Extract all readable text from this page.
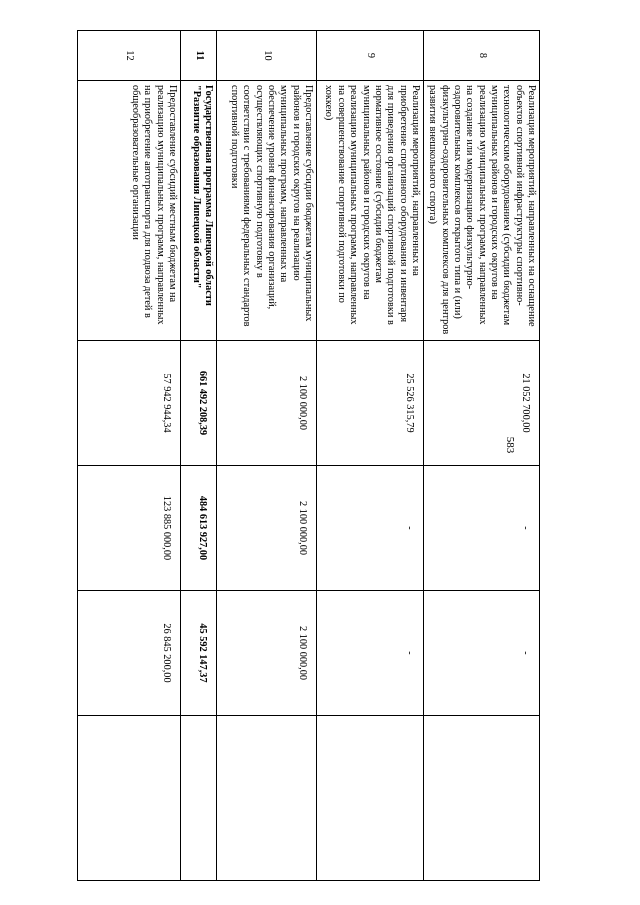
583
8	Реализация мероприятий, направленных на оснащение объектов спортивной инфраструктуры спортивно-технологическим оборудованием (субсидии бюджетам муниципальных районов и городских округов на реализацию муниципальных программ, направленных на создание или модернизацию физкультурно-оздоровительных комплексов открытого типа и (или) физкультурно-оздоровительных комплексов для центров развития внешкольного спорта)	21 052 700,00	-	-	
9	Реализация мероприятий, направленных на приобретение спортивного оборудования и инвентаря для приведения организаций спортивной подготовки в нормативное состояние (субсидии бюджетам муниципальных районов и городских округов на реализацию муниципальных программ, направленных на совершенствование спортивной подготовки по хоккею)	25 526 315,79	-	-	
10	Предоставление субсидии бюджетам муниципальных районов и городских округов на реализацию муниципальных программ, направленных на обеспечение уровня финансирования организаций, осуществляющих спортивную подготовку в соответствии с требованиями федеральных стандартов спортивной подготовки	2 100 000,00	2 100 000,00	2 100 000,00	
11	Государственная программа Липецкой области "Развитие образования Липецкой области"	661 492 208,39	484 613 927,00	45 592 147,37	
12	Предоставление субсидий местным бюджетам на реализацию муниципальных программ, направленных на приобретение автотранспорта для подвоза детей в общеобразовательные организации	57 942 944,34	123 885 000,00	26 845 200,00	
